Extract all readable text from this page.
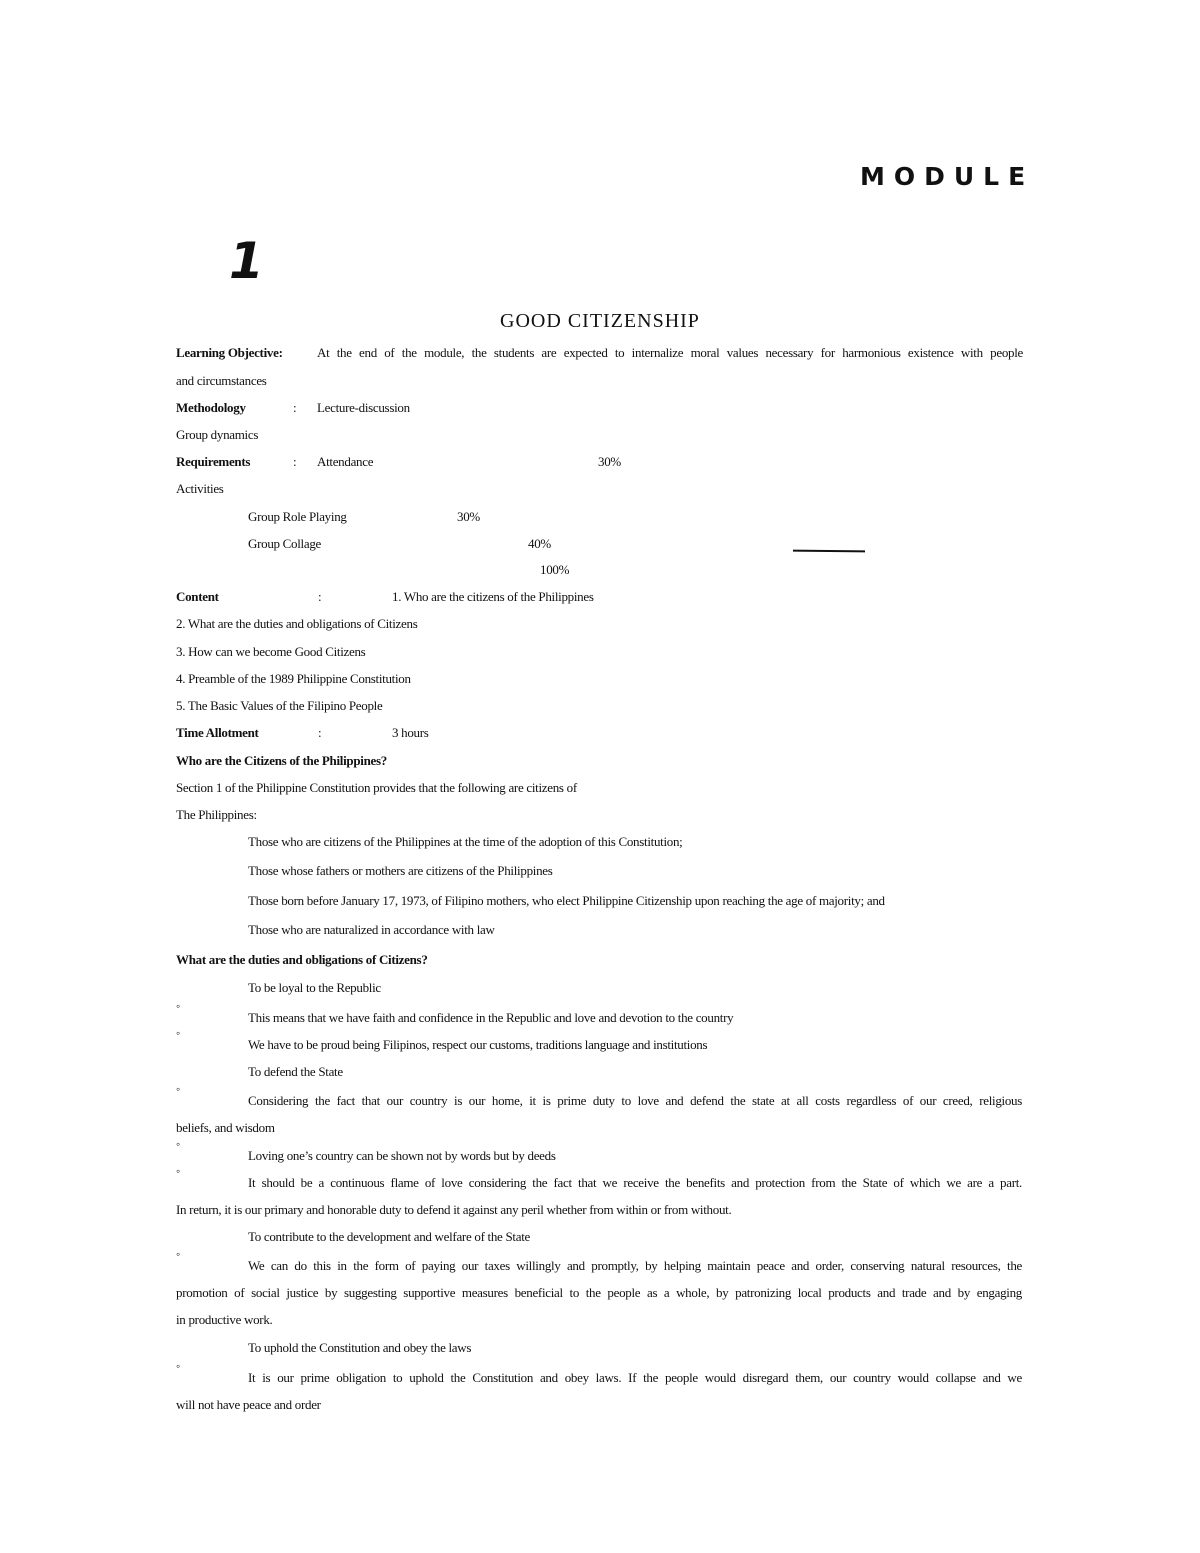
MODULE
1
GOOD CITIZENSHIP
Learning Objective:	At the end of the module, the students are expected to internalize moral values necessary for harmonious existence with people
and circumstances
Methodology	: Lecture-discussion
Group dynamics
Requirements	: Attendance	30%
Activities
Group Role Playing	30%
Group Collage	40%
100%
Content	:	1. Who are the citizens of the Philippines
2. What are the duties and obligations of Citizens
3. How can we become Good Citizens
4. Preamble of the 1989 Philippine Constitution
5. The Basic Values of the Filipino People
Time Allotment	:	3 hours
Who are the Citizens of the Philippines?
Section 1 of the Philippine Constitution provides that the following are citizens of
The Philippines:
Those who are citizens of the Philippines at the time of the adoption of this Constitution;
Those whose fathers or mothers are citizens of the Philippines
Those born before January 17, 1973, of Filipino mothers, who elect Philippine Citizenship upon reaching the age of majority; and
Those who are naturalized in accordance with law
What are the duties and obligations of Citizens?
To be loyal to the Republic
◦
This means that we have faith and confidence in the Republic and love and devotion to the country
◦
We have to be proud being Filipinos, respect our customs, traditions language and institutions
To defend the State
◦
Considering the fact that our country is our home, it is prime duty to love and defend the state at all costs regardless of our creed, religious
beliefs, and wisdom
◦
Loving one’s country can be shown not by words but by deeds
◦
It should be a continuous flame of love considering the fact that we receive the benefits and protection from the State of which we are a part.
In return, it is our primary and honorable duty to defend it against any peril whether from within or from without.
To contribute to the development and welfare of the State
◦
We can do this in the form of paying our taxes willingly and promptly, by helping maintain peace and order, conserving natural resources, the
promotion of social justice by suggesting supportive measures beneficial to the people as a whole, by patronizing local products and trade and by engaging
in productive work.
To uphold the Constitution and obey the laws
◦
It is our prime obligation to uphold the Constitution and obey laws. If the people would disregard them, our country would collapse and we
will not have peace and order
